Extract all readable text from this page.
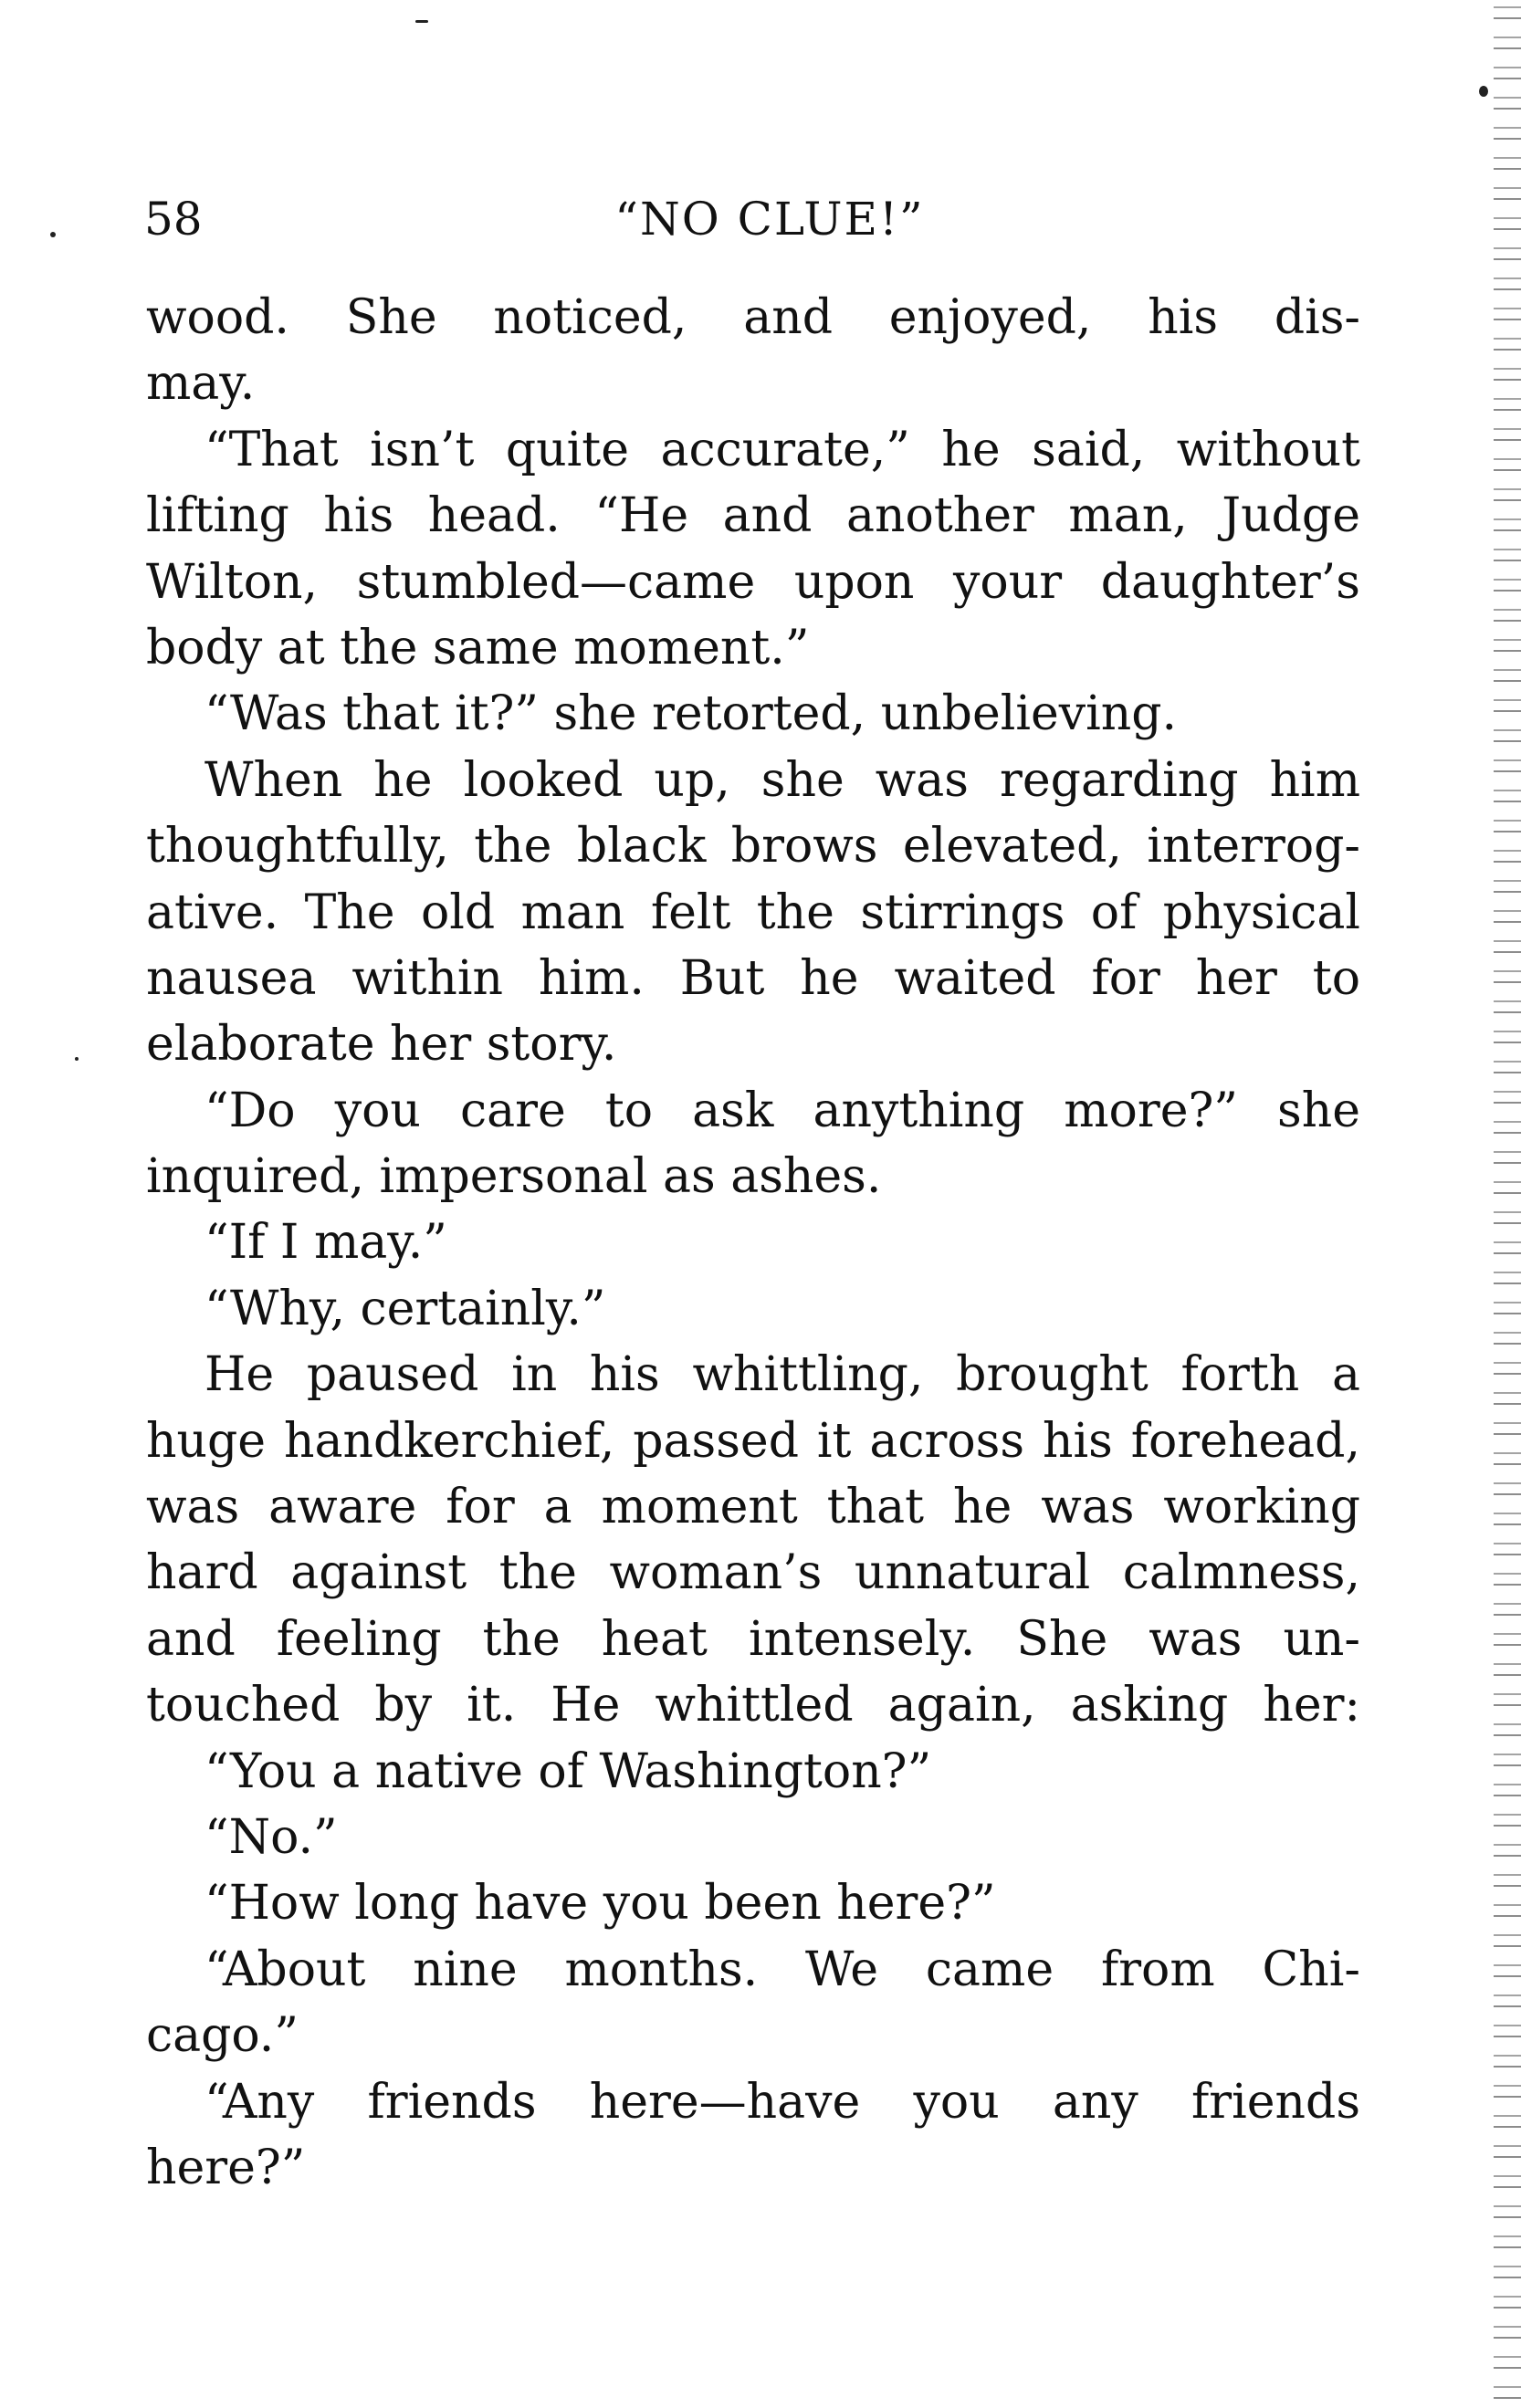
58	“NO CLUE!”
wood. She noticed, and enjoyed, his dis-
may.
“That isn’t quite accurate,” he said, without
lifting his head. “He and another man, Judge
Wilton, stumbled—came upon your daughter’s
body at the same moment.”
“Was that it?” she retorted, unbelieving.
When he looked up, she was regarding him
thoughtfully, the black brows elevated, interrog-
ative. The old man felt the stirrings of physical
nausea within him. But he waited for her to
elaborate her story.
“Do you care to ask anything more?” she
inquired, impersonal as ashes.
“If I may.”
“Why, certainly.”
He paused in his whittling, brought forth a
huge handkerchief, passed it across his forehead,
was aware for a moment that he was working
hard against the woman’s unnatural calmness,
and feeling the heat intensely. She was un-
touched by it. He whittled again, asking her:
“You a native of Washington?”
“No.”
“How long have you been here?”
“About nine months. We came from Chi-
cago.”
“Any friends here—have you any friends
here?”
